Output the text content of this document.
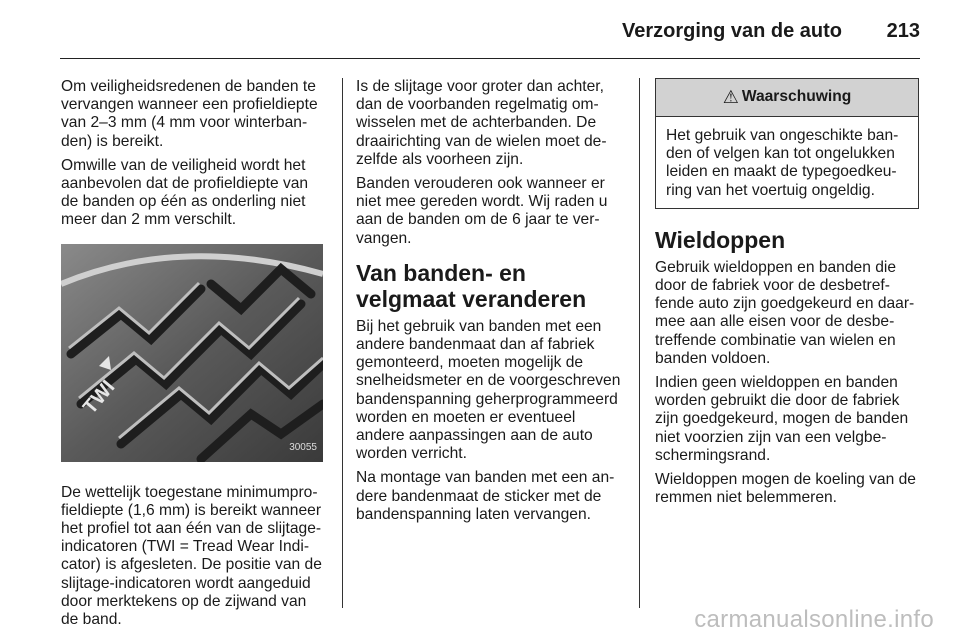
Verzorging van de auto 213

Om veiligheidsredenen de banden te vervangen wanneer een profieldiepte van 2–3 mm (4 mm voor winterbanden) is bereikt.

Omwille van de veiligheid wordt het aanbevolen dat de profieldiepte van de banden op één as onderling niet meer dan 2 mm verschilt.

TWI
30055

De wettelijk toegestane minimumprofieldiepte (1,6 mm) is bereikt wanneer het profiel tot aan één van de slijtage-indicatoren (TWI = Tread Wear Indicator) is afgesleten. De positie van de slijtage-indicatoren wordt aangeduid door merktekens op de zijwand van de band.

Is de slijtage voor groter dan achter, dan de voorbanden regelmatig omwisselen met de achterbanden. De draairichting van de wielen moet dezelfde als voorheen zijn.

Banden verouderen ook wanneer er niet mee gereden wordt. Wij raden u aan de banden om de 6 jaar te vervangen.

Van banden- en velgmaat veranderen

Bij het gebruik van banden met een andere bandenmaat dan af fabriek gemonteerd, moeten mogelijk de snelheidsmeter en de voorgeschreven bandenspanning geherprogrammeerd worden en moeten er eventueel andere aanpassingen aan de auto worden verricht.

Na montage van banden met een andere bandenmaat de sticker met de bandenspanning laten vervangen.

⚠ Waarschuwing
Het gebruik van ongeschikte banden of velgen kan tot ongelukken leiden en maakt de typegoedkeuring van het voertuig ongeldig.
Wieldoppen

Gebruik wieldoppen en banden die door de fabriek voor de desbetreffende auto zijn goedgekeurd en daarmee aan alle eisen voor de desbetreffende combinatie van wielen en banden voldoen.

Indien geen wieldoppen en banden worden gebruikt die door de fabriek zijn goedgekeurd, mogen de banden niet voorzien zijn van een velgbeschermingsrand.

Wieldoppen mogen de koeling van de remmen niet belemmeren.

carmanualsonline.info
